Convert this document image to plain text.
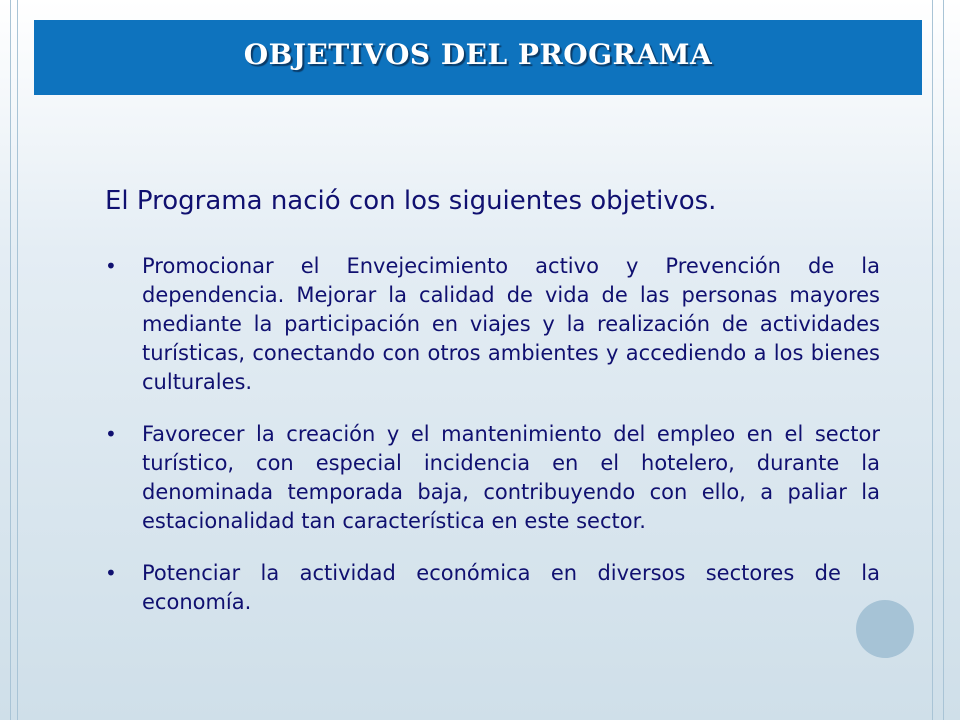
OBJETIVOS DEL PROGRAMA

El Programa nació con los siguientes objetivos.

• Promocionar el Envejecimiento activo y Prevención de la dependencia. Mejorar la calidad de vida de las personas mayores mediante la participación en viajes y la realización de actividades turísticas, conectando con otros ambientes y accediendo a los bienes culturales.
• Favorecer la creación y el mantenimiento del empleo en el sector turístico, con especial incidencia en el hotelero, durante la denominada temporada baja, contribuyendo con ello, a paliar la estacionalidad tan característica en este sector.
• Potenciar la actividad económica en diversos sectores de la economía.
